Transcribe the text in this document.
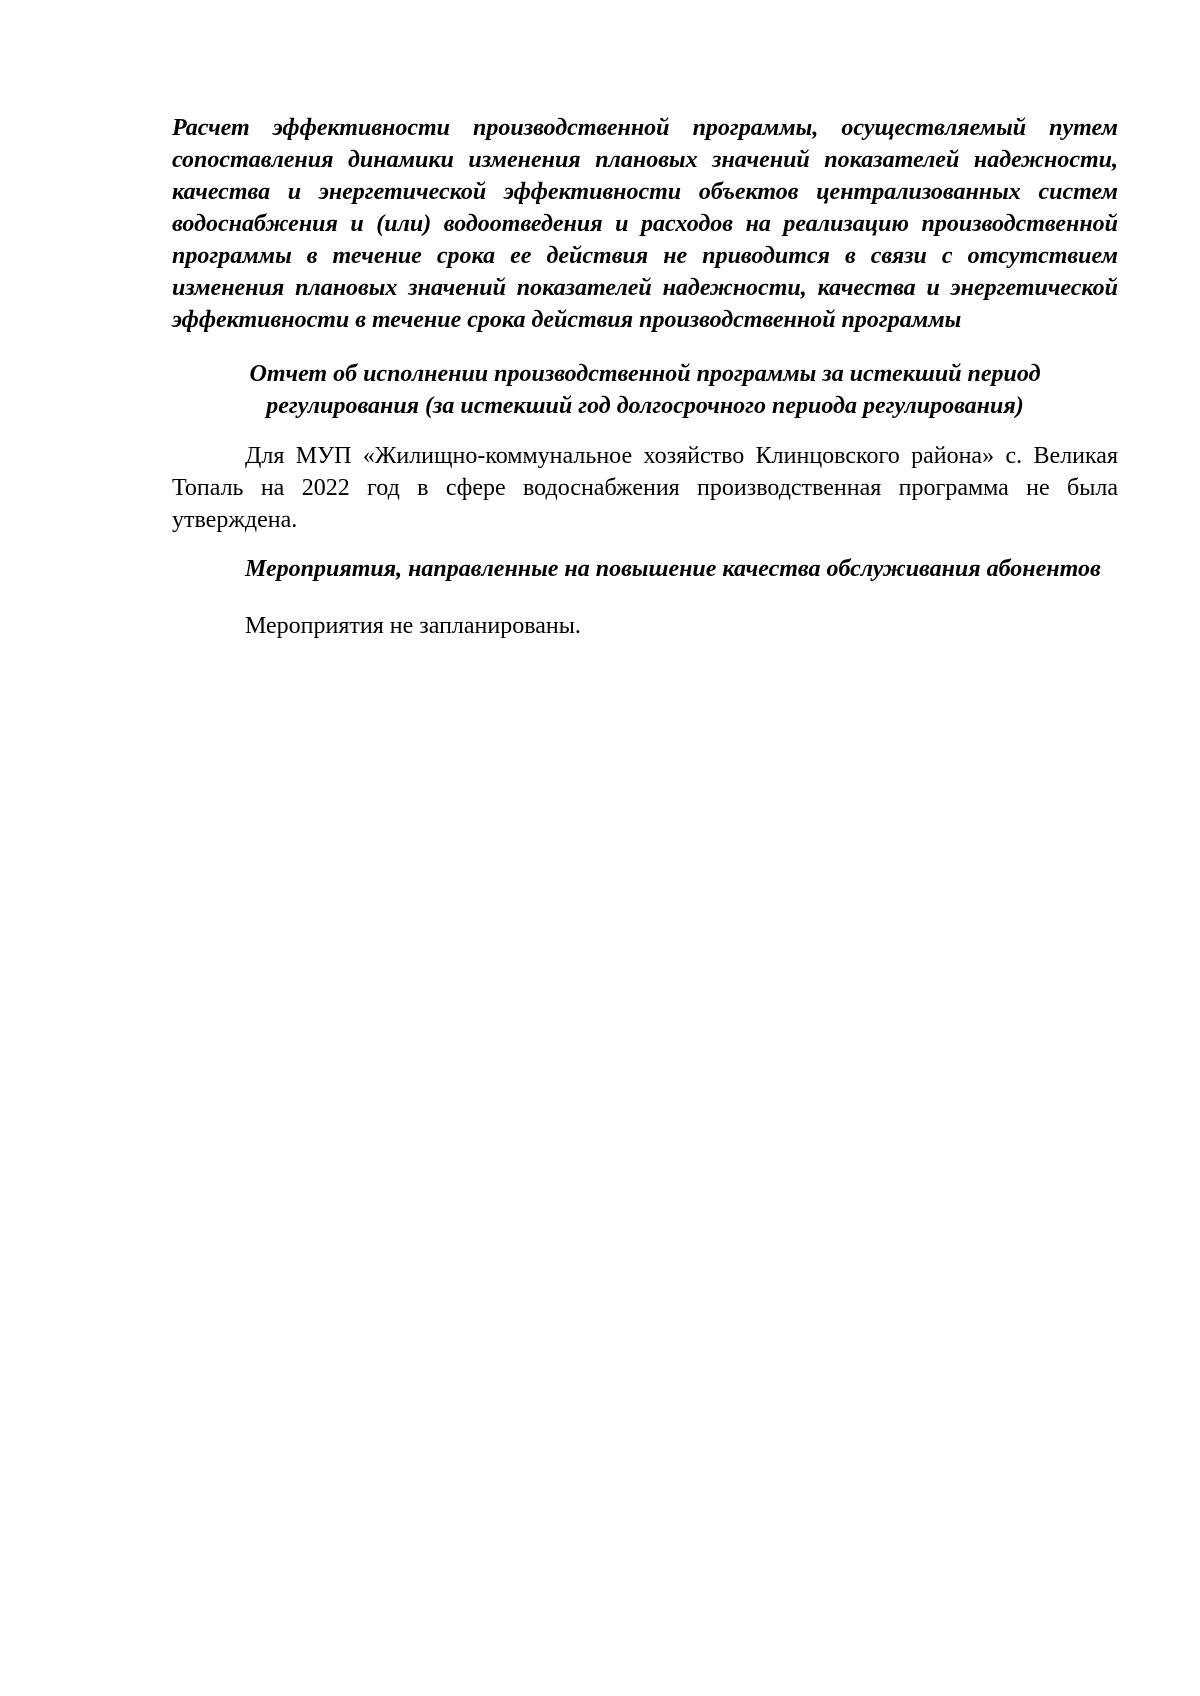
Расчет эффективности производственной программы, осуществляемый путем
сопоставления динамики изменения плановых значений показателей надежности,
качества и энергетической эффективности объектов централизованных систем
водоснабжения и (или) водоотведения и расходов на реализацию производственной
программы в течение срока ее действия не приводится в связи с отсутствием
изменения плановых значений показателей надежности, качества и энергетической
эффективности в течение срока действия производственной программы
Отчет об исполнении производственной программы за истекший период
регулирования (за истекший год долгосрочного периода регулирования)
Для МУП «Жилищно-коммунальное хозяйство Клинцовского района» с. Великая
Топаль на 2022 год в сфере водоснабжения производственная программа не была
утверждена.
Мероприятия, направленные на повышение качества обслуживания абонентов
Мероприятия не запланированы.
